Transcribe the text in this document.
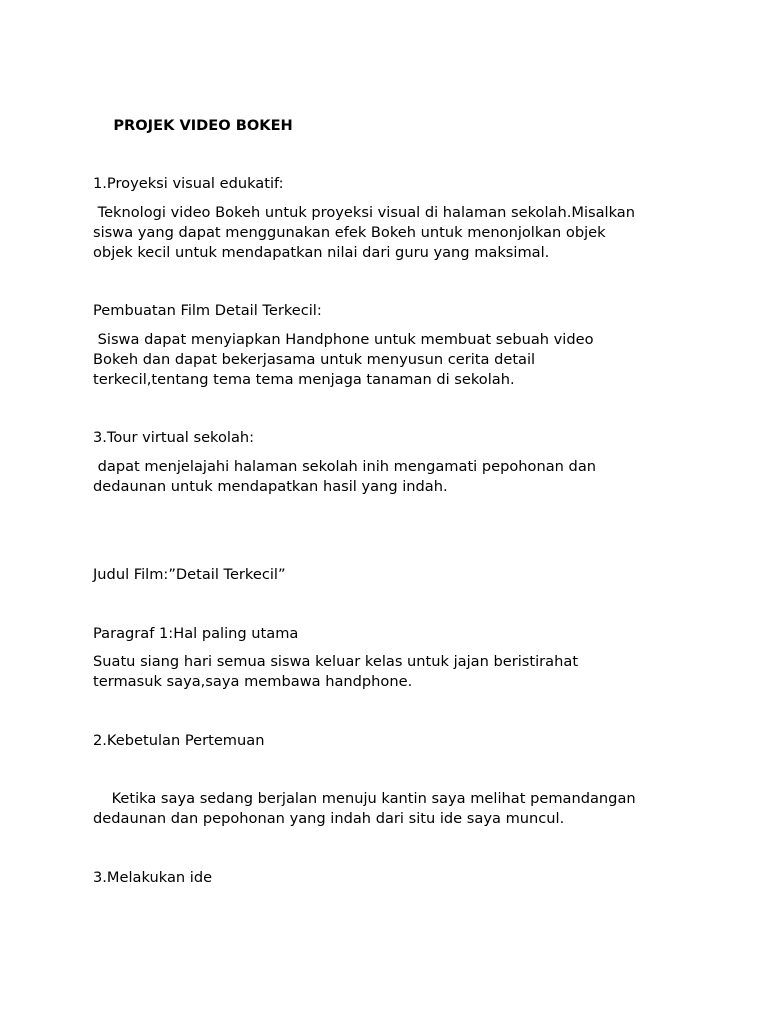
PROJEK VIDEO BOKEH

1.Proyeksi visual edukatif:

Teknologi video Bokeh untuk proyeksi visual di halaman sekolah.Misalkan
siswa yang dapat menggunakan efek Bokeh untuk menonjolkan objek
objek kecil untuk mendapatkan nilai dari guru yang maksimal.

Pembuatan Film Detail Terkecil:

Siswa dapat menyiapkan Handphone untuk membuat sebuah video
Bokeh dan dapat bekerjasama untuk menyusun cerita detail
terkecil,tentang tema tema menjaga tanaman di sekolah.

3.Tour virtual sekolah:

dapat menjelajahi halaman sekolah inih mengamati pepohonan dan
dedaunan untuk mendapatkan hasil yang indah.

Judul Film:”Detail Terkecil”

Paragraf 1:Hal paling utama

Suatu siang hari semua siswa keluar kelas untuk jajan beristirahat
termasuk saya,saya membawa handphone.

2.Kebetulan Pertemuan

Ketika saya sedang berjalan menuju kantin saya melihat pemandangan
dedaunan dan pepohonan yang indah dari situ ide saya muncul.

3.Melakukan ide
